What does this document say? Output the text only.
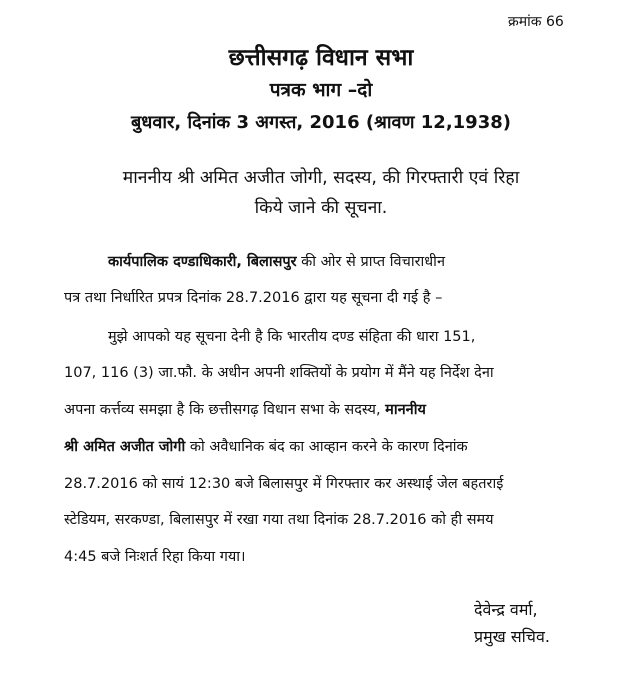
क्रमांक 66
छत्तीसगढ़ विधान सभा
पत्रक भाग –दो
बुधवार, दिनांक 3 अगस्त, 2016 (श्रावण 12,1938)
माननीय श्री अमित अजीत जोगी, सदस्य, की गिरफ्तारी एवं रिहा
किये जाने की सूचना.
कार्यपालिक दण्डाधिकारी, बिलासपुर की ओर से प्राप्त विचाराधीन
पत्र तथा निर्धारित प्रपत्र दिनांक 28.7.2016 द्वारा यह सूचना दी गई है –
मुझे आपको यह सूचना देनी है कि भारतीय दण्ड संहिता की धारा 151,
107, 116 (3) जा.फौ. के अधीन अपनी शक्तियों के प्रयोग में मैंने यह निर्देश देना
अपना कर्त्तव्य समझा है कि छत्तीसगढ़ विधान सभा के सदस्य, माननीय
श्री अमित अजीत जोगी को अवैधानिक बंद का आव्हान करने के कारण दिनांक
28.7.2016 को सायं 12:30 बजे बिलासपुर में गिरफ्तार कर अस्थाई जेल बहतराई
स्टेडियम, सरकण्डा, बिलासपुर में रखा गया तथा दिनांक 28.7.2016 को ही समय
4:45 बजे निःशर्त रिहा किया गया।
देवेन्द्र वर्मा,
प्रमुख सचिव.
